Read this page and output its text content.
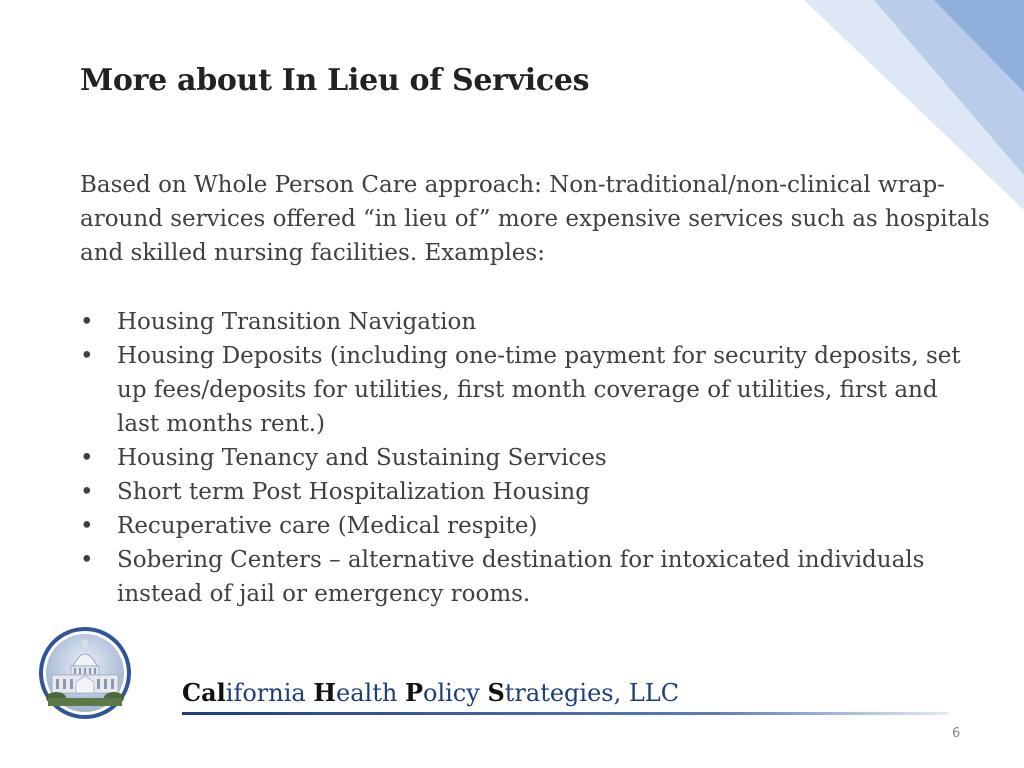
More about In Lieu of Services

Based on Whole Person Care approach: Non-traditional/non-clinical wrap-around services offered “in lieu of” more expensive services such as hospitals and skilled nursing facilities. Examples:

• Housing Transition Navigation
• Housing Deposits (including one-time payment for security deposits, set up fees/deposits for utilities, first month coverage of utilities, first and last months rent.)
• Housing Tenancy and Sustaining Services
• Short term Post Hospitalization Housing
• Recuperative care (Medical respite)
• Sobering Centers – alternative destination for intoxicated individuals instead of jail or emergency rooms.
California Health Policy Strategies, LLC
6
